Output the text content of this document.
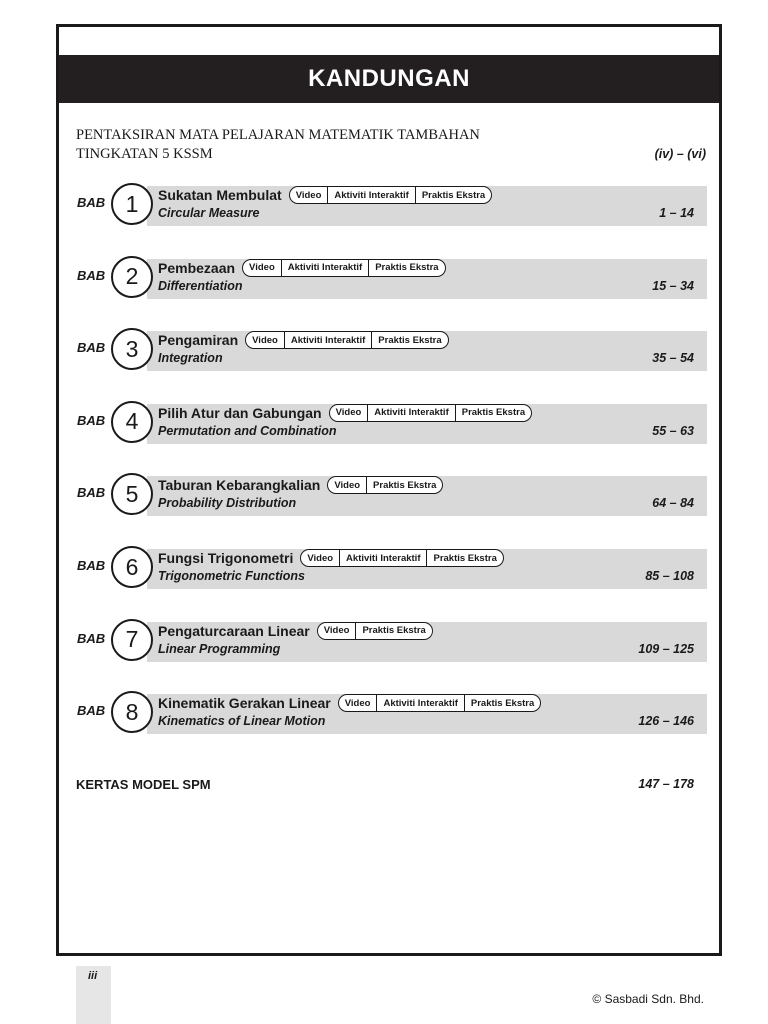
KANDUNGAN
PENTAKSIRAN MATA PELAJARAN MATEMATIK TAMBAHAN
TINGKATAN 5 KSSM	(iv) – (vi)
BAB 1	Sukatan Membulat	Video	Aktiviti Interaktif	Praktis Ekstra
Circular Measure	1 – 14
BAB 2	Pembezaan	Video	Aktiviti Interaktif	Praktis Ekstra
Differentiation	15 – 34
BAB 3	Pengamiran	Video	Aktiviti Interaktif	Praktis Ekstra
Integration	35 – 54
BAB 4	Pilih Atur dan Gabungan	Video	Aktiviti Interaktif	Praktis Ekstra
Permutation and Combination	55 – 63
BAB 5	Taburan Kebarangkalian	Video	Praktis Ekstra
Probability Distribution	64 – 84
BAB 6	Fungsi Trigonometri	Video	Aktiviti Interaktif	Praktis Ekstra
Trigonometric Functions	85 – 108
BAB 7	Pengaturcaraan Linear	Video	Praktis Ekstra
Linear Programming	109 – 125
BAB 8	Kinematik Gerakan Linear	Video	Aktiviti Interaktif	Praktis Ekstra
Kinematics of Linear Motion	126 – 146
KERTAS MODEL SPM	147 – 178
iii
© Sasbadi Sdn. Bhd.
